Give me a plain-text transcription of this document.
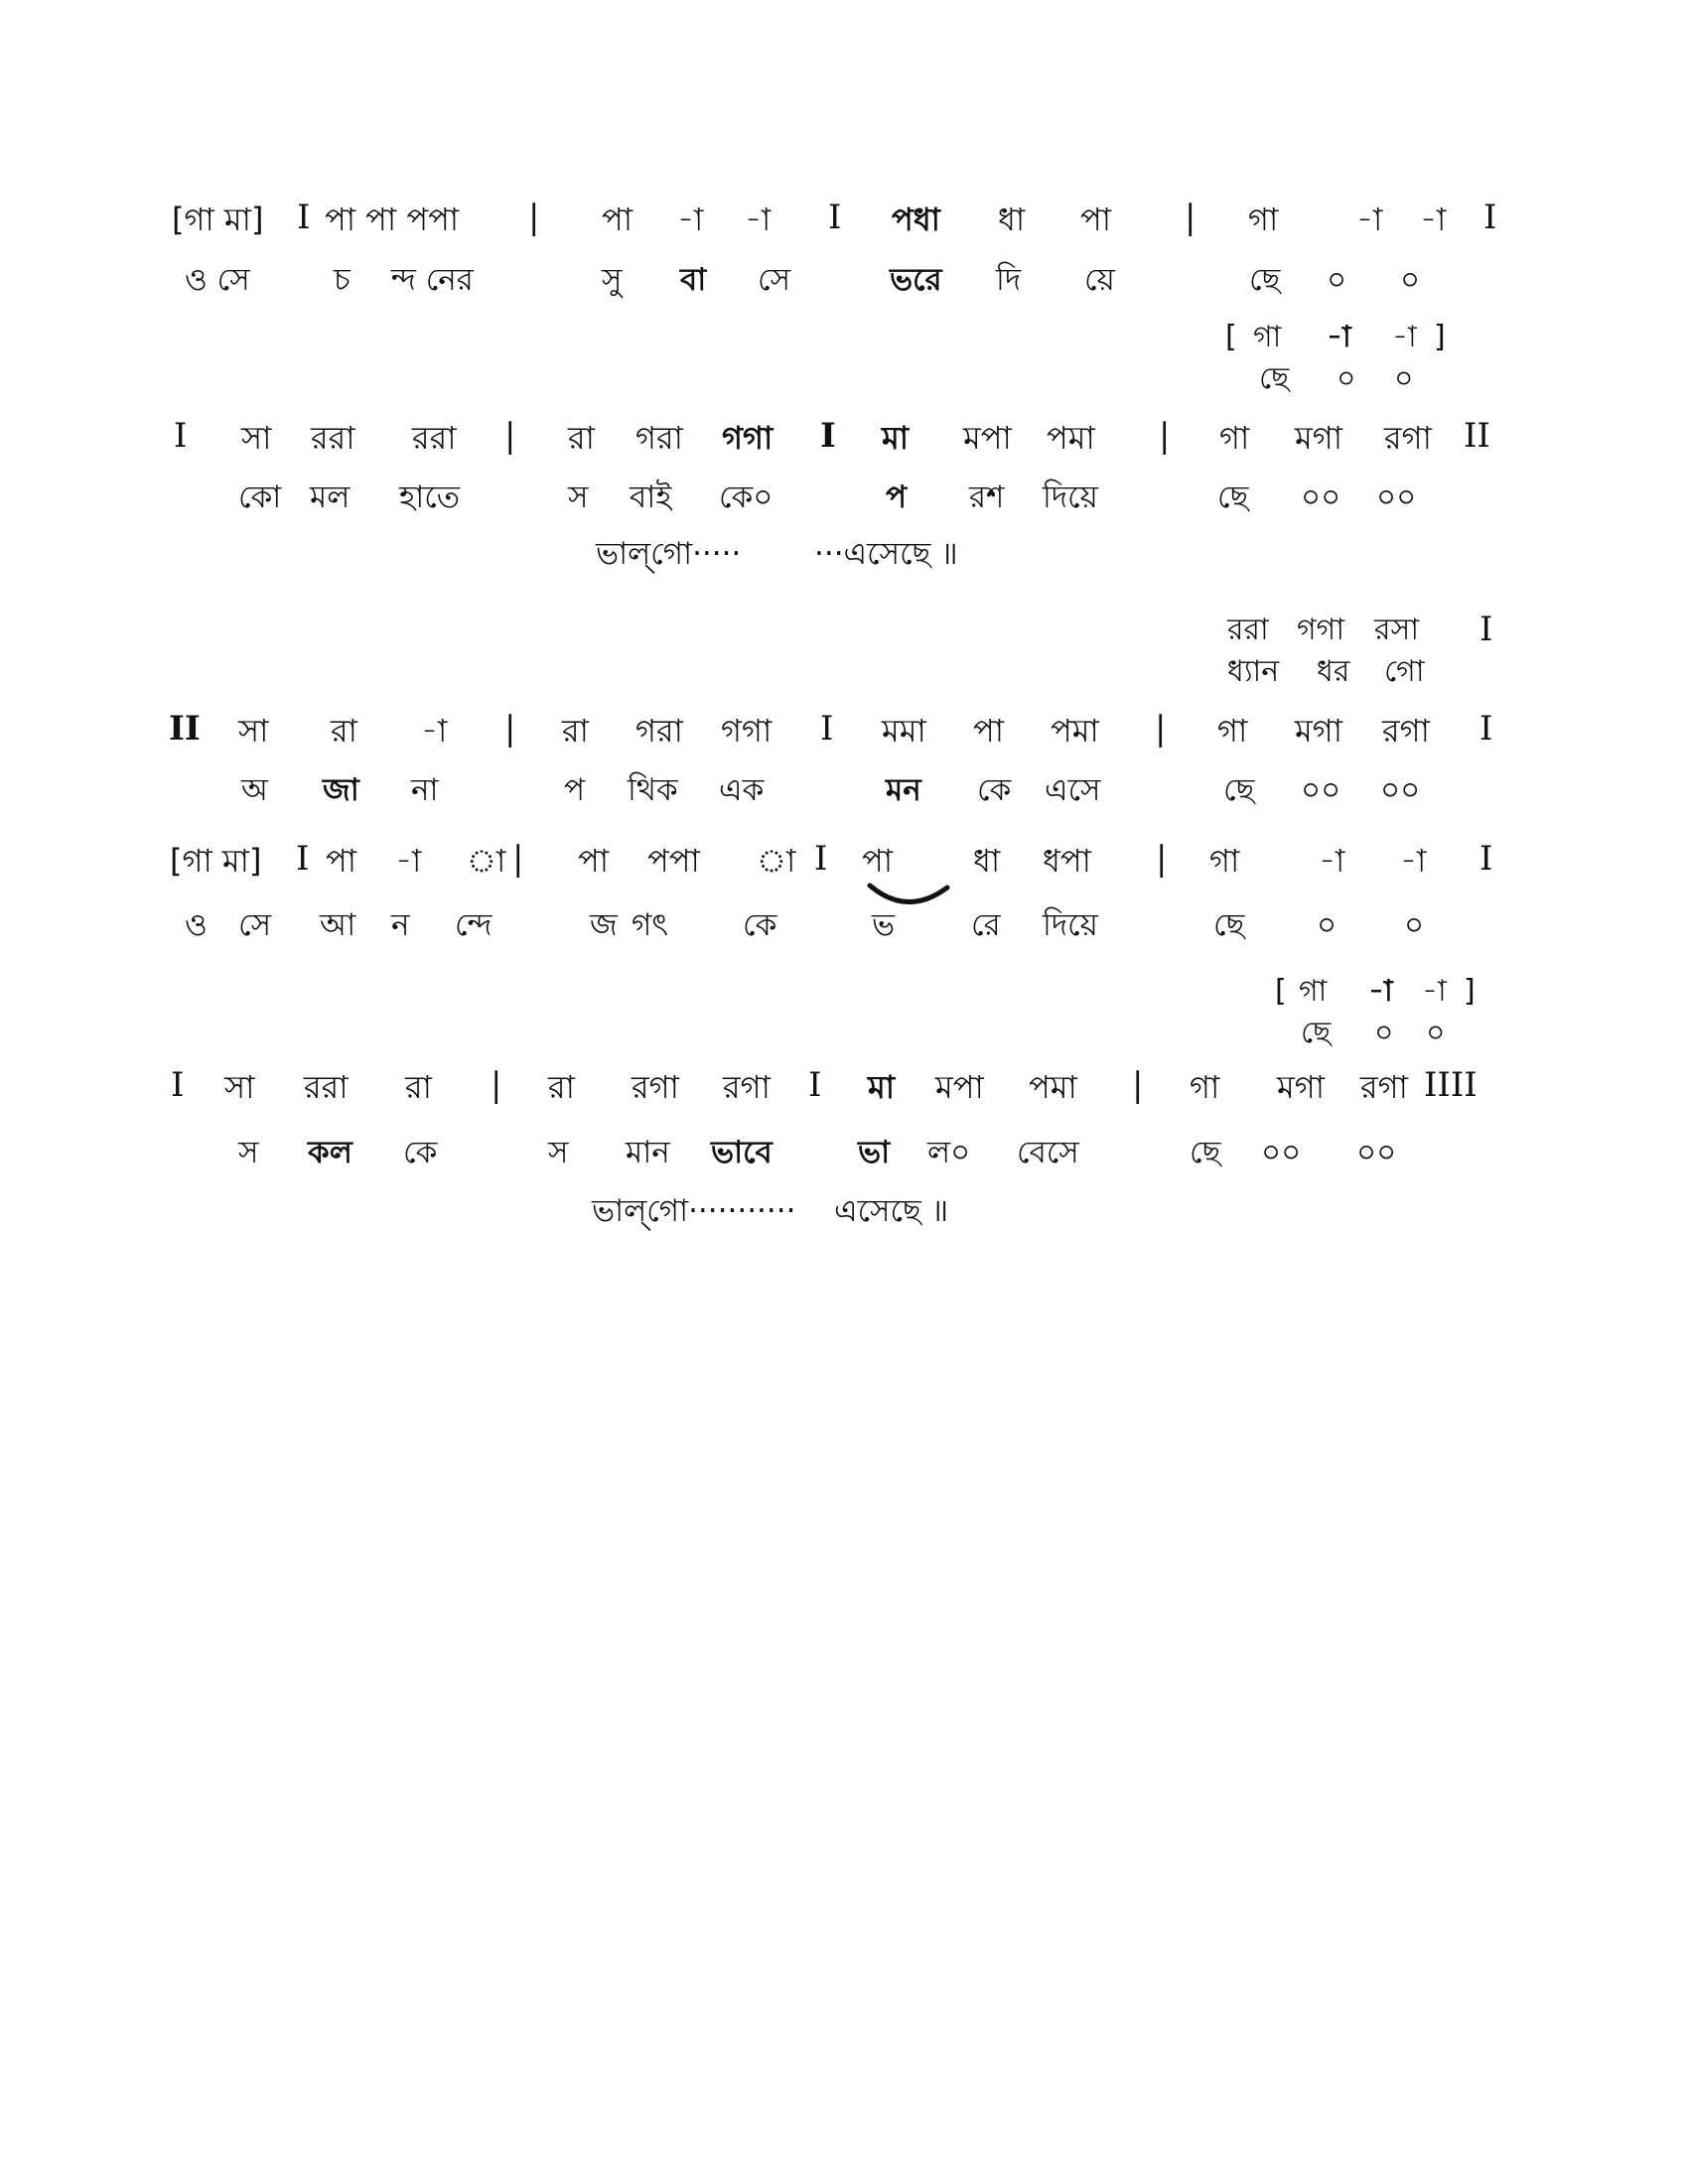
[গা মা] I পা পা পপা | পা -া -া I পধা ধা পা | গা -া -া I
ও সে	চ ন্দ নের	সু বা সে	ভরে দি য়ে	ছে ০ ০
[ গা -া -া ]
ছে ০ ০
I সা ররা ররা | রা গরা গগা I মা মপা পমা | গা মগা রগা II
কো মল হাতে	স বাই কে০	প রশ দিয়ে	ছে ০০ ০০
ভাল্‌গো····· ···এসেছে ॥
ররা গগা রসা I
ধ্যান ধর গো
II সা রা -া | রা গরা গগা I মমা পা পমা | গা মগা রগা I
অ জা না	প থিক এক	মন কে এসে	ছে ০০ ০০
[গা মা] I পা -া া | পা পপা া I পা	ধা ধপা | গা -া -া I
ও সে আ ন ন্দে	জ গৎ কে	ভ রে দিয়ে	ছে ০ ০
[ গা -া -া ]
ছে ০ ০
I সা ররা রা | রা রগা রগা I মা মপা পমা | গা মগা রগা IIII
স কল কে	স মান ভাবে	ভা ল০ বেসে	ছে ০০ ০০
ভাল্‌গো··········· এসেছে ॥
